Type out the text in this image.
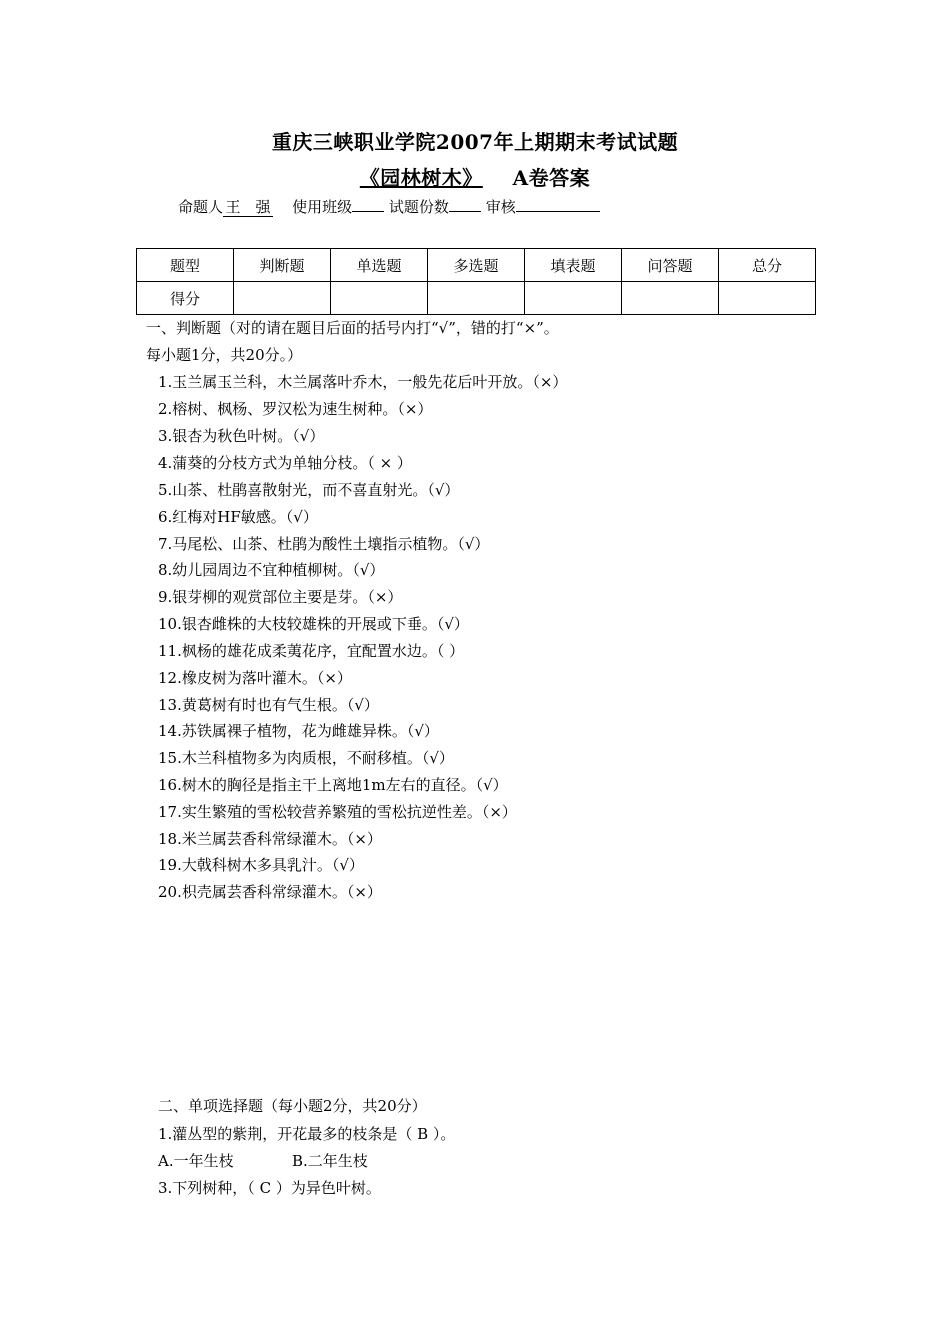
重庆三峡职业学院2007年上期期末考试试题
《园林树木》 A卷答案
命题人 王　强 使用班级 试题份数 审核
题型	判断题	单选题	多选题	填表题	问答题	总分
得分						
一、判断题（对的请在题目后面的括号内打“√”，错的打“×”。
每小题1分，共20分。）
1.玉兰属玉兰科，木兰属落叶乔木，一般先花后叶开放。（×）
2.榕树、枫杨、罗汉松为速生树种。（×）
3.银杏为秋色叶树。（√）
4.蒲葵的分枝方式为单轴分枝。（ × ）
5.山茶、杜鹃喜散射光，而不喜直射光。（√）
6.红梅对HF敏感。（√）
7.马尾松、山茶、杜鹃为酸性土壤指示植物。（√）
8.幼儿园周边不宜种植柳树。（√）
9.银芽柳的观赏部位主要是芽。（×）
10.银杏雌株的大枝较雄株的开展或下垂。（√）
11.枫杨的雄花成柔荑花序，宜配置水边。（ ）
12.橡皮树为落叶灌木。（×）
13.黄葛树有时也有气生根。（√）
14.苏铁属裸子植物，花为雌雄异株。（√）
15.木兰科植物多为肉质根，不耐移植。（√）
16.树木的胸径是指主干上离地1m左右的直径。（√）
17.实生繁殖的雪松较营养繁殖的雪松抗逆性差。（×）
18.米兰属芸香科常绿灌木。（×）
19.大戟科树木多具乳汁。（√）
20.枳壳属芸香科常绿灌木。（×）
二、单项选择题（每小题2分，共20分）
1.灌丛型的紫荆，开花最多的枝条是（ B ）。
A.一年生枝	B.二年生枝
3.下列树种，（ C ）为异色叶树。
